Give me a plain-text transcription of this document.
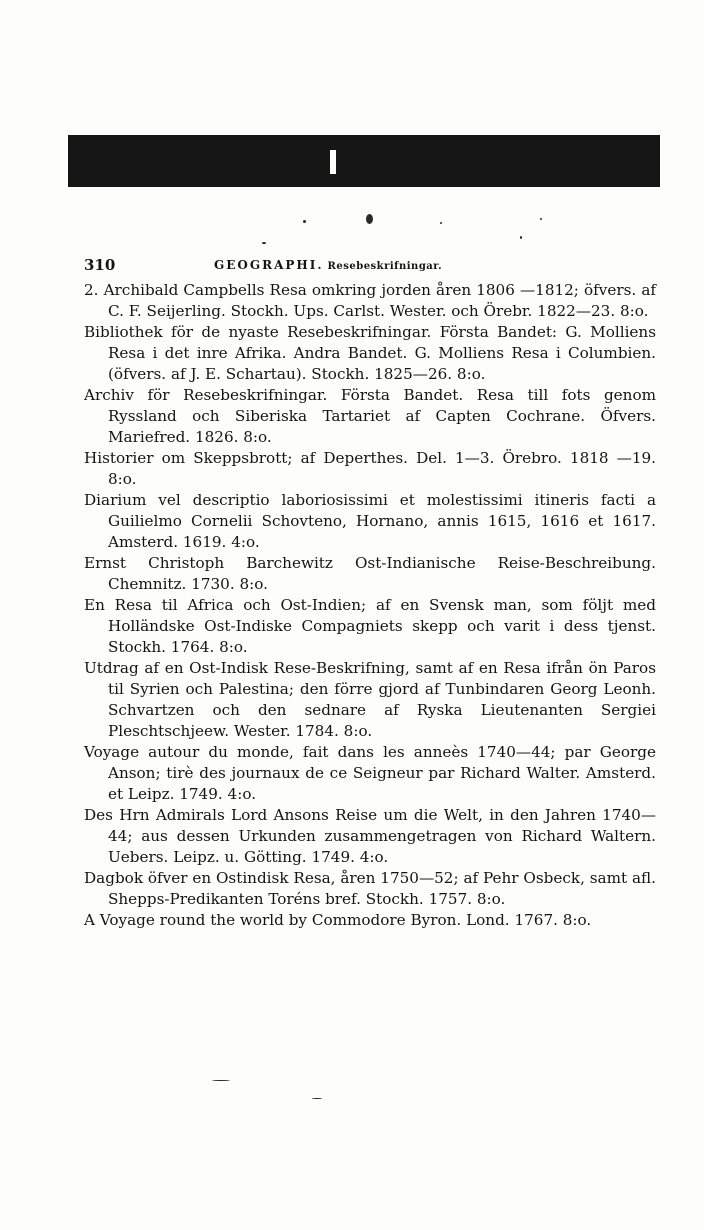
310	GEOGRAPHI. Resebeskrifningar.

2. Archibald Campbells Resa omkring jorden åren 1806 —1812; öfvers. af C. F. Seijerling. Stockh. Ups. Carlst. Wester. och Örebr. 1822—23. 8:o.

Bibliothek för de nyaste Resebeskrifningar. Första Bandet: G. Molliens Resa i det inre Afrika. Andra Bandet. G. Molliens Resa i Columbien. (öfvers. af J. E. Schartau). Stockh. 1825—26. 8:o.

Archiv för Resebeskrifningar. Första Bandet. Resa till fots genom Ryssland och Siberiska Tartariet af Capten Cochrane. Öfvers. Mariefred. 1826. 8:o.

Historier om Skeppsbrott; af Deperthes. Del. 1—3. Örebro. 1818 —19. 8:o.

Diarium vel descriptio laboriosissimi et molestissimi itineris facti a Guilielmo Cornelii Schovteno, Hornano, annis 1615, 1616 et 1617. Amsterd. 1619. 4:o.

Ernst Christoph Barchewitz Ost-Indianische Reise-Beschreibung. Chemnitz. 1730. 8:o.

En Resa til Africa och Ost-Indien; af en Svensk man, som följt med Holländske Ost-Indiske Compagniets skepp och varit i dess tjenst. Stockh. 1764. 8:o.

Utdrag af en Ost-Indisk Rese-Beskrifning, samt af en Resa ifrån ön Paros til Syrien och Palestina; den förre gjord af Tunbindaren Georg Leonh. Schvartzen och den sednare af Ryska Lieutenanten Sergiei Pleschtschjeew. Wester. 1784. 8:o.

Voyage autour du monde, fait dans les anneès 1740—44; par George Anson; tirè des journaux de ce Seigneur par Richard Walter. Amsterd. et Leipz. 1749. 4:o.

Des Hrn Admirals Lord Ansons Reise um die Welt, in den Jahren 1740—44; aus dessen Urkunden zusammengetragen von Richard Waltern. Uebers. Leipz. u. Götting. 1749. 4:o.

Dagbok öfver en Ostindisk Resa, åren 1750—52; af Pehr Osbeck, samt afl. Shepps-Predikanten Toréns bref. Stockh. 1757. 8:o.

A Voyage round the world by Commodore Byron. Lond. 1767. 8:o.
